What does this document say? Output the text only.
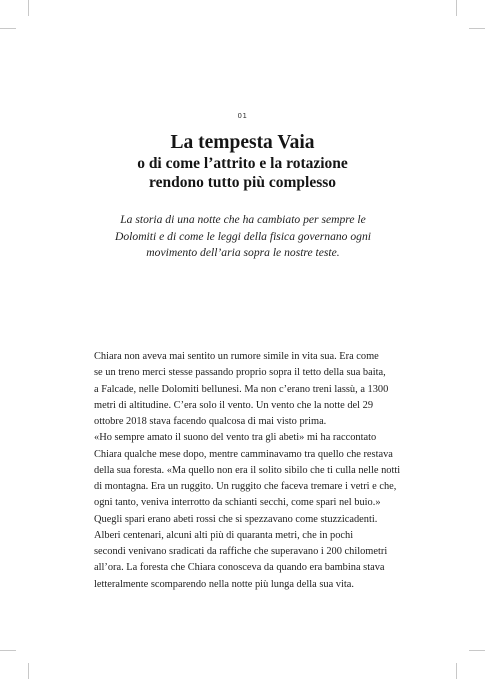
01
La tempesta Vaia
o di come l’attrito e la rotazione
rendono tutto più complesso
La storia di una notte che ha cambiato per sempre le
Dolomiti e di come le leggi della fisica governano ogni
movimento dell’aria sopra le nostre teste.
Chiara non aveva mai sentito un rumore simile in vita sua. Era come
se un treno merci stesse passando proprio sopra il tetto della sua baita,
a Falcade, nelle Dolomiti bellunesi. Ma non c’erano treni lassù, a 1300
metri di altitudine. C’era solo il vento. Un vento che la notte del 29
ottobre 2018 stava facendo qualcosa di mai visto prima.
«Ho sempre amato il suono del vento tra gli abeti» mi ha raccontato
Chiara qualche mese dopo, mentre camminavamo tra quello che restava
della sua foresta. «Ma quello non era il solito sibilo che ti culla nelle notti
di montagna. Era un ruggito. Un ruggito che faceva tremare i vetri e che,
ogni tanto, veniva interrotto da schianti secchi, come spari nel buio.»
Quegli spari erano abeti rossi che si spezzavano come stuzzicadenti.
Alberi centenari, alcuni alti più di quaranta metri, che in pochi
secondi venivano sradicati da raffiche che superavano i 200 chilometri
all’ora. La foresta che Chiara conosceva da quando era bambina stava
letteralmente scomparendo nella notte più lunga della sua vita.
